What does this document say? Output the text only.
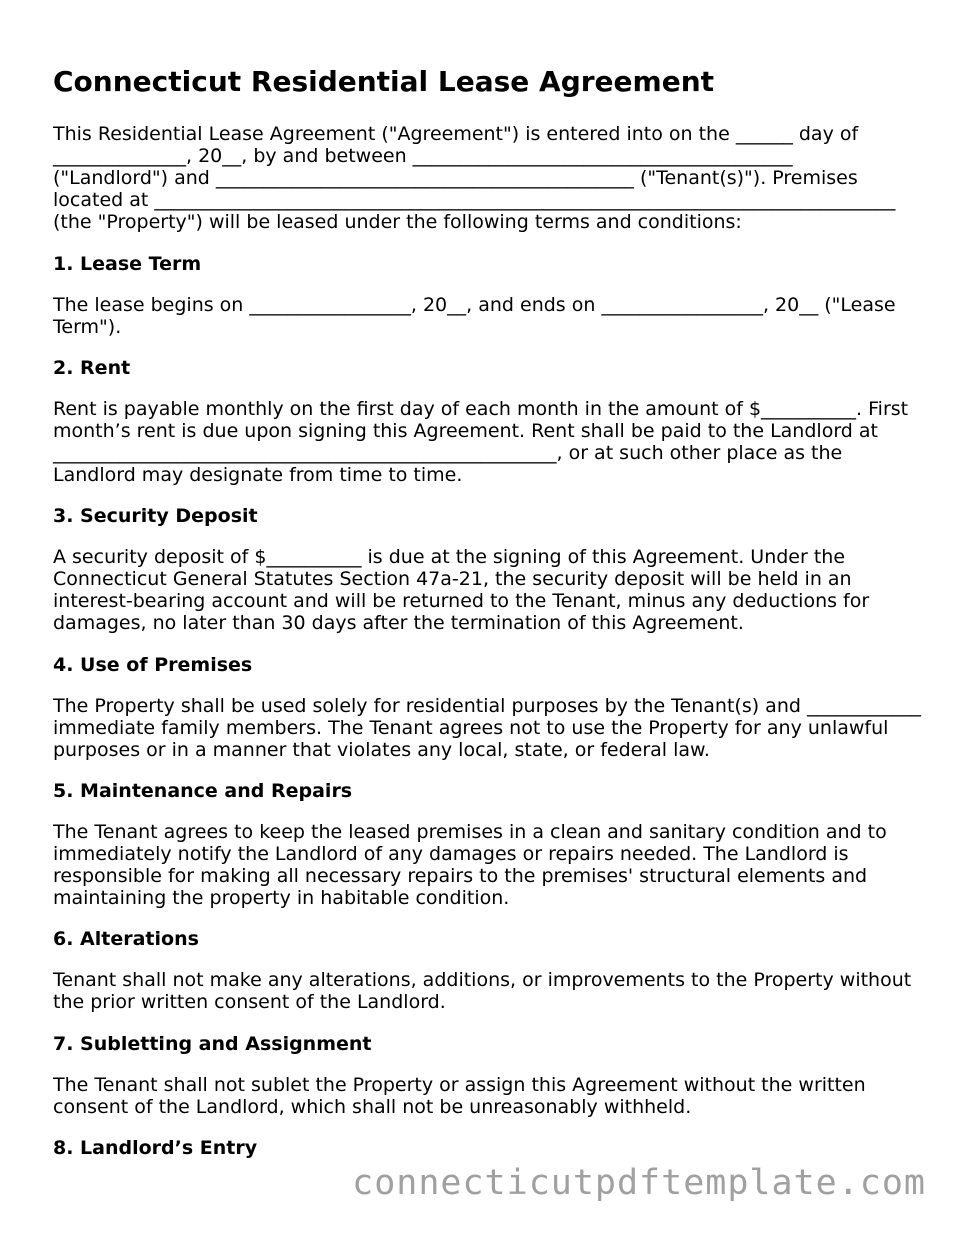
Connecticut Residential Lease Agreement
This Residential Lease Agreement ("Agreement") is entered into on the ______ day of
______________, 20__, by and between ________________________________________
("Landlord") and ____________________________________________ ("Tenant(s)"). Premises
located at ______________________________________________________________________________
(the "Property") will be leased under the following terms and conditions:
1. Lease Term
The lease begins on _________________, 20__, and ends on _________________, 20__ ("Lease
Term").
2. Rent
Rent is payable monthly on the first day of each month in the amount of $__________. First
month’s rent is due upon signing this Agreement. Rent shall be paid to the Landlord at
_____________________________________________________, or at such other place as the
Landlord may designate from time to time.
3. Security Deposit
A security deposit of $__________ is due at the signing of this Agreement. Under the
Connecticut General Statutes Section 47a-21, the security deposit will be held in an
interest-bearing account and will be returned to the Tenant, minus any deductions for
damages, no later than 30 days after the termination of this Agreement.
4. Use of Premises
The Property shall be used solely for residential purposes by the Tenant(s) and ____________
immediate family members. The Tenant agrees not to use the Property for any unlawful
purposes or in a manner that violates any local, state, or federal law.
5. Maintenance and Repairs
The Tenant agrees to keep the leased premises in a clean and sanitary condition and to
immediately notify the Landlord of any damages or repairs needed. The Landlord is
responsible for making all necessary repairs to the premises' structural elements and
maintaining the property in habitable condition.
6. Alterations
Tenant shall not make any alterations, additions, or improvements to the Property without
the prior written consent of the Landlord.
7. Subletting and Assignment
The Tenant shall not sublet the Property or assign this Agreement without the written
consent of the Landlord, which shall not be unreasonably withheld.
8. Landlord’s Entry
connecticutpdftemplate.com
